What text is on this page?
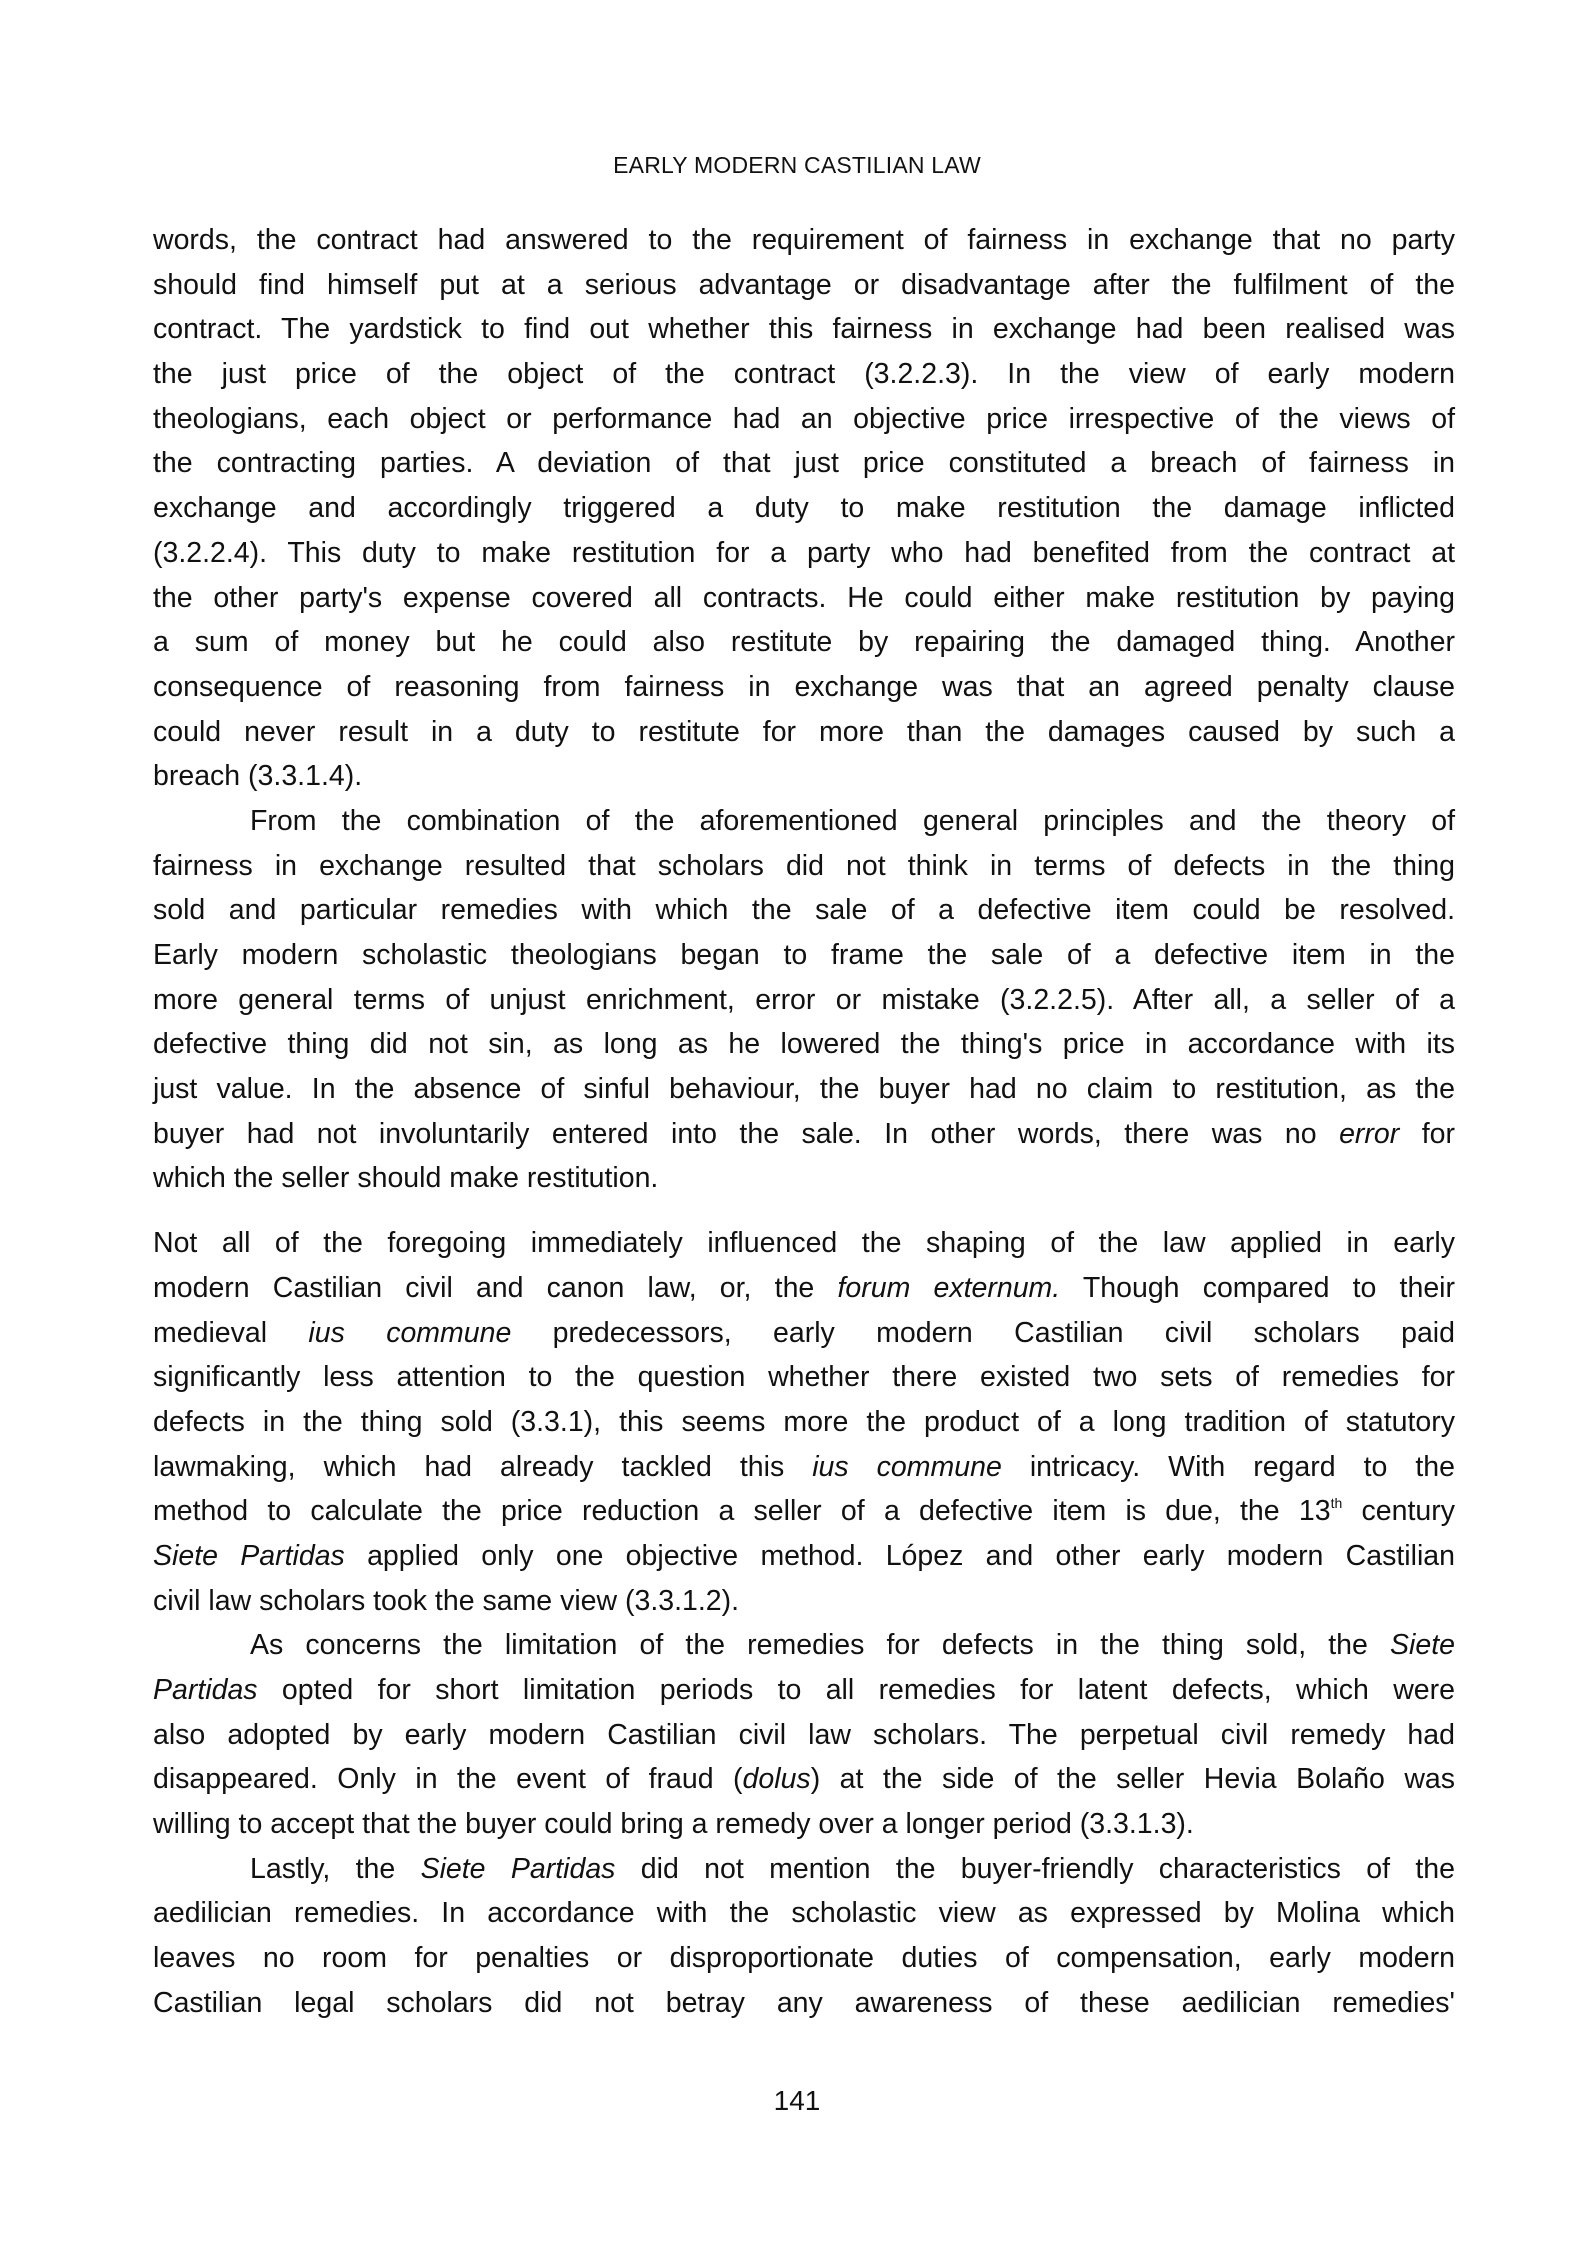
EARLY MODERN CASTILIAN LAW
words, the contract had answered to the requirement of fairness in exchange that no party
should find himself put at a serious advantage or disadvantage after the fulfilment of the
contract. The yardstick to find out whether this fairness in exchange had been realised was
the just price of the object of the contract (3.2.2.3). In the view of early modern
theologians, each object or performance had an objective price irrespective of the views of
the contracting parties. A deviation of that just price constituted a breach of fairness in
exchange and accordingly triggered a duty to make restitution the damage inflicted
(3.2.2.4). This duty to make restitution for a party who had benefited from the contract at
the other party's expense covered all contracts. He could either make restitution by paying
a sum of money but he could also restitute by repairing the damaged thing. Another
consequence of reasoning from fairness in exchange was that an agreed penalty clause
could never result in a duty to restitute for more than the damages caused by such a
breach (3.3.1.4).
From the combination of the aforementioned general principles and the theory of
fairness in exchange resulted that scholars did not think in terms of defects in the thing
sold and particular remedies with which the sale of a defective item could be resolved.
Early modern scholastic theologians began to frame the sale of a defective item in the
more general terms of unjust enrichment, error or mistake (3.2.2.5). After all, a seller of a
defective thing did not sin, as long as he lowered the thing's price in accordance with its
just value. In the absence of sinful behaviour, the buyer had no claim to restitution, as the
buyer had not involuntarily entered into the sale. In other words, there was no error for
which the seller should make restitution.
Not all of the foregoing immediately influenced the shaping of the law applied in early
modern Castilian civil and canon law, or, the forum externum. Though compared to their
medieval ius commune predecessors, early modern Castilian civil scholars paid
significantly less attention to the question whether there existed two sets of remedies for
defects in the thing sold (3.3.1), this seems more the product of a long tradition of statutory
lawmaking, which had already tackled this ius commune intricacy. With regard to the
method to calculate the price reduction a seller of a defective item is due, the 13th century
Siete Partidas applied only one objective method. López and other early modern Castilian
civil law scholars took the same view (3.3.1.2).
As concerns the limitation of the remedies for defects in the thing sold, the Siete
Partidas opted for short limitation periods to all remedies for latent defects, which were
also adopted by early modern Castilian civil law scholars. The perpetual civil remedy had
disappeared. Only in the event of fraud (dolus) at the side of the seller Hevia Bolaño was
willing to accept that the buyer could bring a remedy over a longer period (3.3.1.3).
Lastly, the Siete Partidas did not mention the buyer-friendly characteristics of the
aedilician remedies. In accordance with the scholastic view as expressed by Molina which
leaves no room for penalties or disproportionate duties of compensation, early modern
Castilian legal scholars did not betray any awareness of these aedilician remedies'
141
